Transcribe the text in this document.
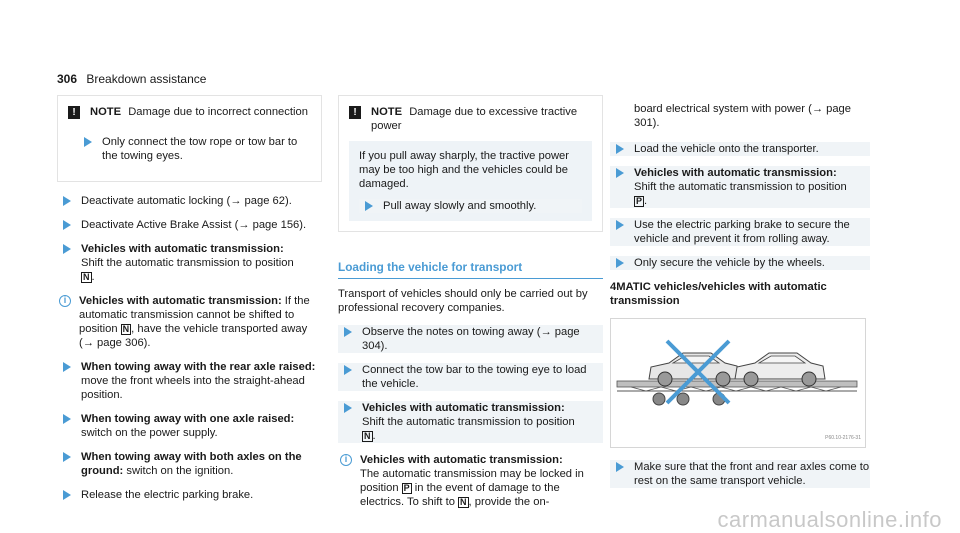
306 Breakdown assistance
!	NOTE Damage due to incorrect connection
Only connect the tow rope or tow bar to the towing eyes.
Deactivate automatic locking (→ page 62).
Deactivate Active Brake Assist (→ page 156).
Vehicles with automatic transmission:
Shift the automatic transmission to position
N .
i	Vehicles with automatic transmission: If the automatic transmission cannot be shifted to position N , have the vehicle transported away (→ page 306).
When towing away with the rear axle raised: move the front wheels into the straight-ahead position.
When towing away with one axle raised: switch on the power supply.
When towing away with both axles on the ground: switch on the ignition.
Release the electric parking brake.
!	NOTE Damage due to excessive tractive power
If you pull away sharply, the tractive power may be too high and the vehicles could be damaged.
Pull away slowly and smoothly.
Loading the vehicle for transport
Transport of vehicles should only be carried out by professional recovery companies.
Observe the notes on towing away (→ page 304).
Connect the tow bar to the towing eye to load the vehicle.
Vehicles with automatic transmission:
Shift the automatic transmission to position
N .
i	Vehicles with automatic transmission:
The automatic transmission may be locked in position P in the event of damage to the electrics. To shift to N , provide the on-
board electrical system with power (→ page 301).
Load the vehicle onto the transporter.
Vehicles with automatic transmission:
Shift the automatic transmission to position
P .
Use the electric parking brake to secure the vehicle and prevent it from rolling away.
Only secure the vehicle by the wheels.
4MATIC vehicles/vehicles with automatic transmission
P60.10-2176-31
Make sure that the front and rear axles come to rest on the same transport vehicle.
carmanualsonline.info
